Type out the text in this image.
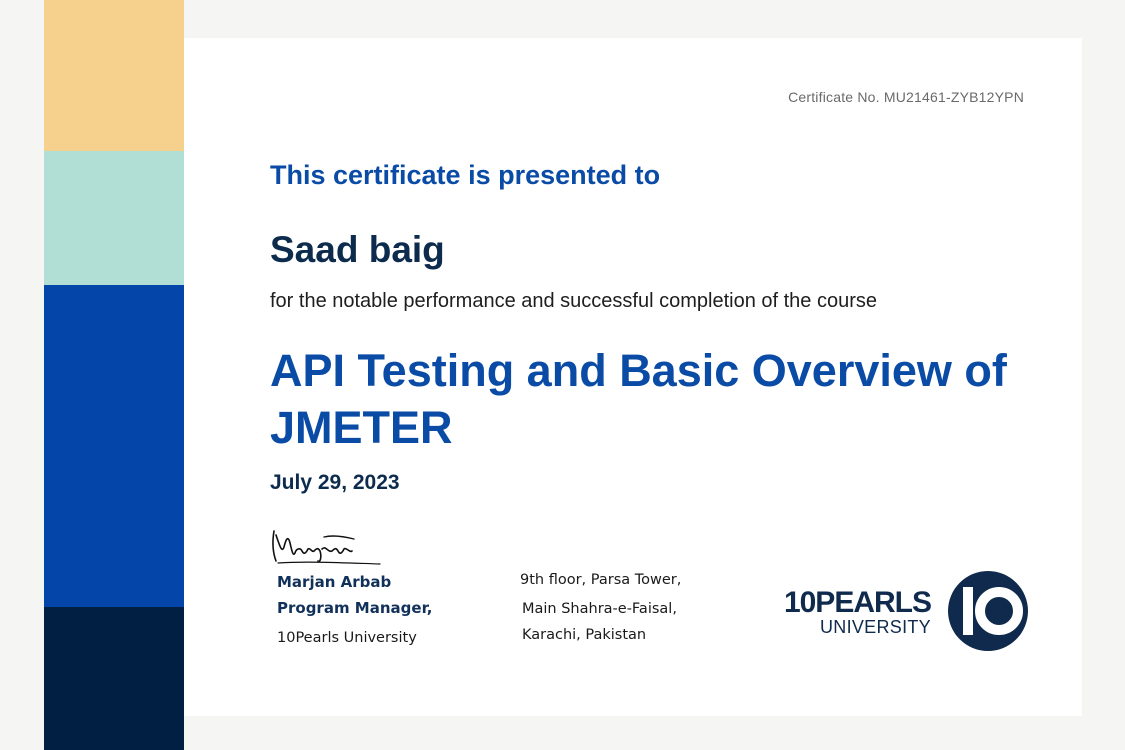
Certificate No. MU21461-ZYB12YPN
This certificate is presented to
Saad baig
for the notable performance and successful completion of the course
API Testing and Basic Overview of JMETER
July 29, 2023
Marjan Arbab
Program Manager,
10Pearls University
9th floor, Parsa Tower,
Main Shahra-e-Faisal,
Karachi, Pakistan
10PEARLS
UNIVERSITY
